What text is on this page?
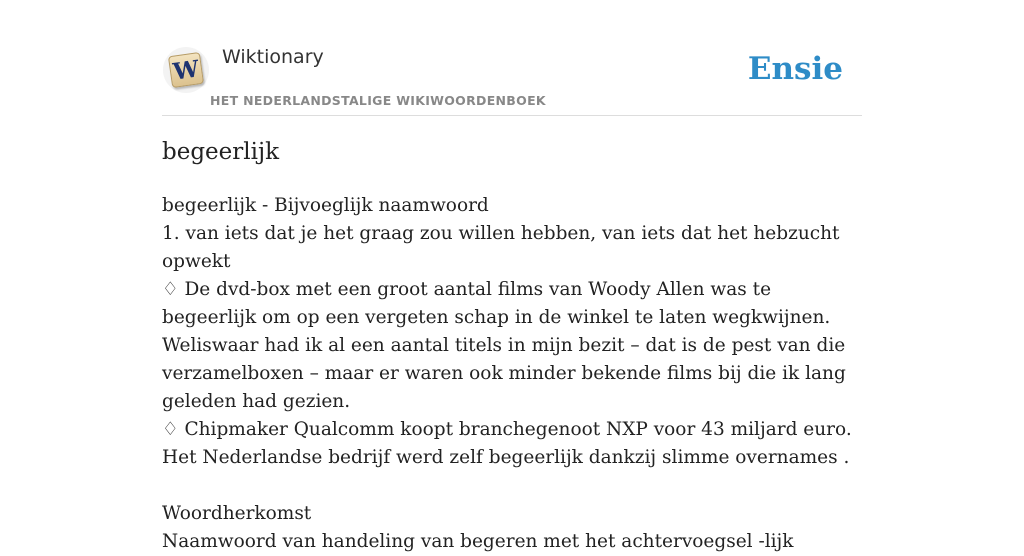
W Wiktionary
HET NEDERLANDSTALIGE WIKIWOORDENBOEK
Ensie
begeerlijk

begeerlijk - Bijvoeglijk naamwoord

1. van iets dat je het graag zou willen hebben, van iets dat het hebzucht opwekt

♢ De dvd-box met een groot aantal films van Woody Allen was te begeerlijk om op een vergeten schap in de winkel te laten wegkwijnen. Weliswaar had ik al een aantal titels in mijn bezit – dat is de pest van die verzamelboxen – maar er waren ook minder bekende films bij die ik lang geleden had gezien.

♢ Chipmaker Qualcomm koopt branchegenoot NXP voor 43 miljard euro. Het Nederlandse bedrijf werd zelf begeerlijk dankzij slimme overnames .

Woordherkomst

Naamwoord van handeling van begeren met het achtervoegsel -lijk
